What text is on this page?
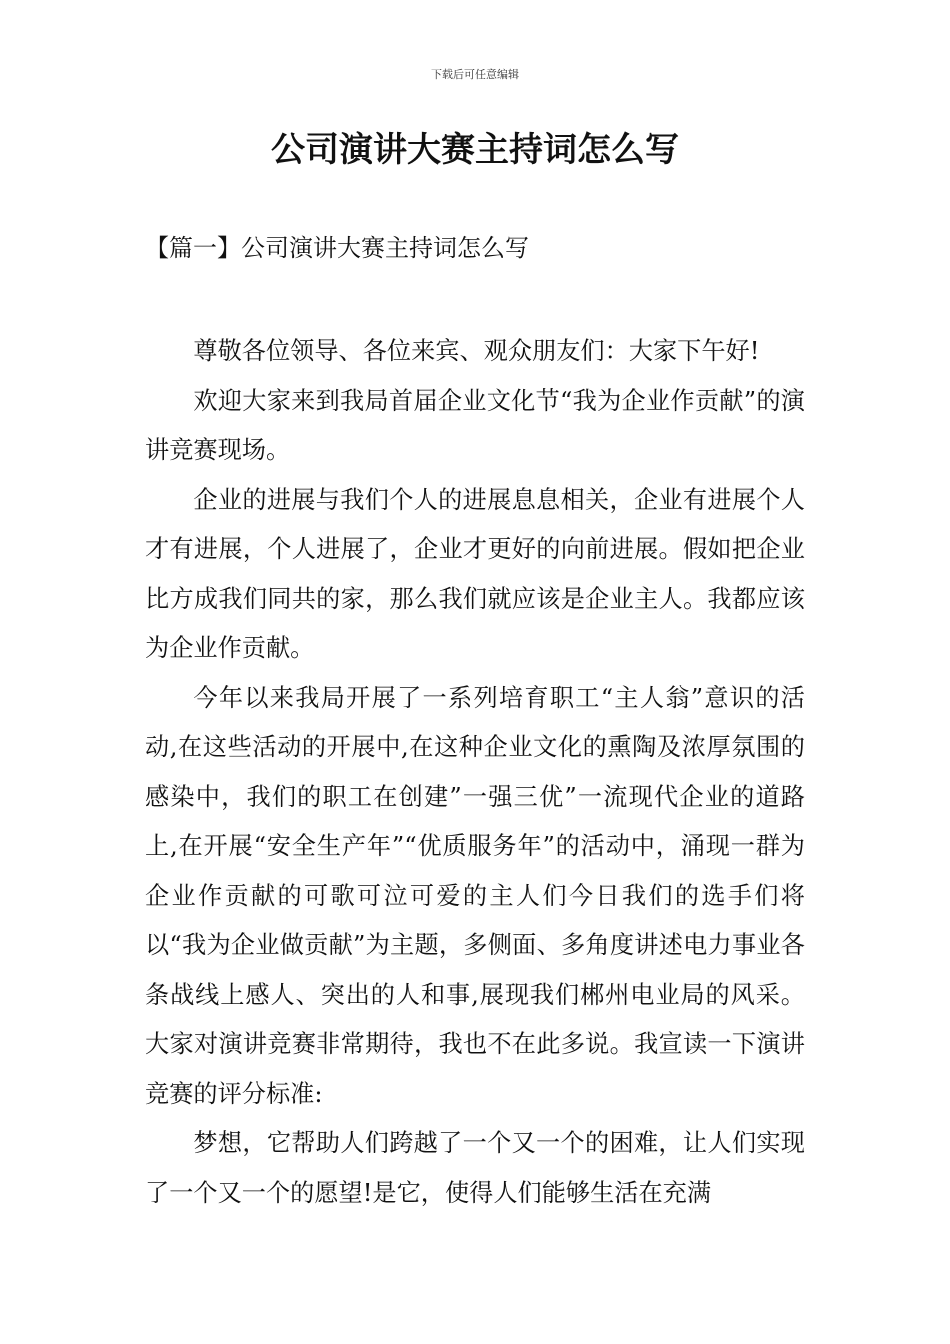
下载后可任意编辑
公司演讲大赛主持词怎么写
【篇一】公司演讲大赛主持词怎么写

尊敬各位领导、各位来宾、观众朋友们：大家下午好!

欢迎大家来到我局首届企业文化节“我为企业作贡献”的演讲竞赛现场。

企业的进展与我们个人的进展息息相关，企业有进展个人才有进展，个人进展了，企业才更好的向前进展。假如把企业比方成我们同共的家，那么我们就应该是企业主人。我都应该为企业作贡献。

今年以来我局开展了一系列培育职工“主人翁”意识的活动,在这些活动的开展中,在这种企业文化的熏陶及浓厚氛围的感染中，我们的职工在创建”一强三优”一流现代企业的道路上,在开展“安全生产年”“优质服务年”的活动中，涌现一群为企业作贡献的可歌可泣可爱的主人们今日我们的选手们将以“我为企业做贡献”为主题，多侧面、多角度讲述电力事业各条战线上感人、突出的人和事,展现我们郴州电业局的风采。大家对演讲竞赛非常期待，我也不在此多说。我宣读一下演讲竞赛的评分标准:

梦想，它帮助人们跨越了一个又一个的困难，让人们实现了一个又一个的愿望!是它，使得人们能够生活在充满
